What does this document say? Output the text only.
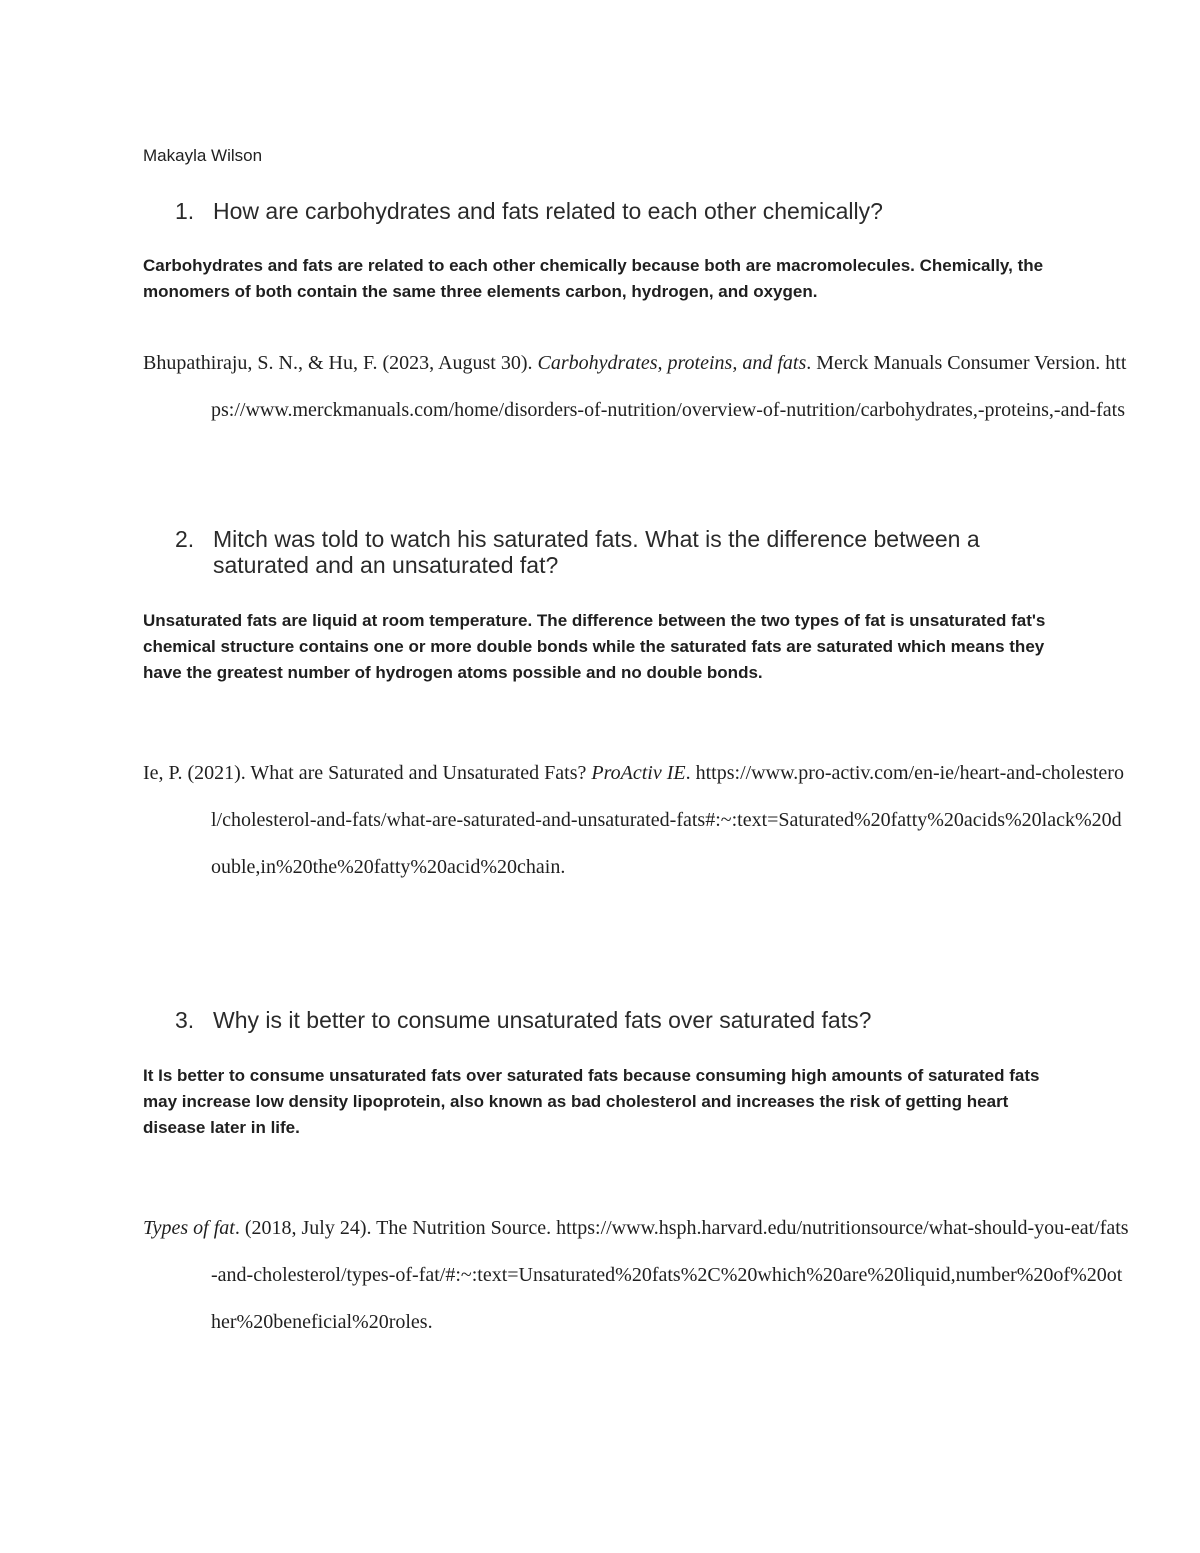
Makayla Wilson

1. How are carbohydrates and fats related to each other chemically?

Carbohydrates and fats are related to each other chemically because both are macromolecules. Chemically, the monomers of both contain the same three elements carbon, hydrogen, and oxygen.

Bhupathiraju, S. N., & Hu, F. (2023, August 30). Carbohydrates, proteins, and fats. Merck Manuals Consumer Version. https://www.merckmanuals.com/home/disorders-of-nutrition/overview-of-nutrition/carbohydrates,-proteins,-and-fats

2. Mitch was told to watch his saturated fats. What is the difference between a saturated and an unsaturated fat?

Unsaturated fats are liquid at room temperature. The difference between the two types of fat is unsaturated fat's chemical structure contains one or more double bonds while the saturated fats are saturated which means they have the greatest number of hydrogen atoms possible and no double bonds.

Ie, P. (2021). What are Saturated and Unsaturated Fats? ProActiv IE. https://www.pro-activ.com/en-ie/heart-and-cholesterol/cholesterol-and-fats/what-are-saturated-and-unsaturated-fats#:~:text=Saturated%20fatty%20acids%20lack%20double,in%20the%20fatty%20acid%20chain.

3. Why is it better to consume unsaturated fats over saturated fats?

It Is better to consume unsaturated fats over saturated fats because consuming high amounts of saturated fats may increase low density lipoprotein, also known as bad cholesterol and increases the risk of getting heart disease later in life.

Types of fat. (2018, July 24). The Nutrition Source. https://www.hsph.harvard.edu/nutritionsource/what-should-you-eat/fats-and-cholesterol/types-of-fat/#:~:text=Unsaturated%20fats%2C%20which%20are%20liquid,number%20of%20other%20beneficial%20roles.
